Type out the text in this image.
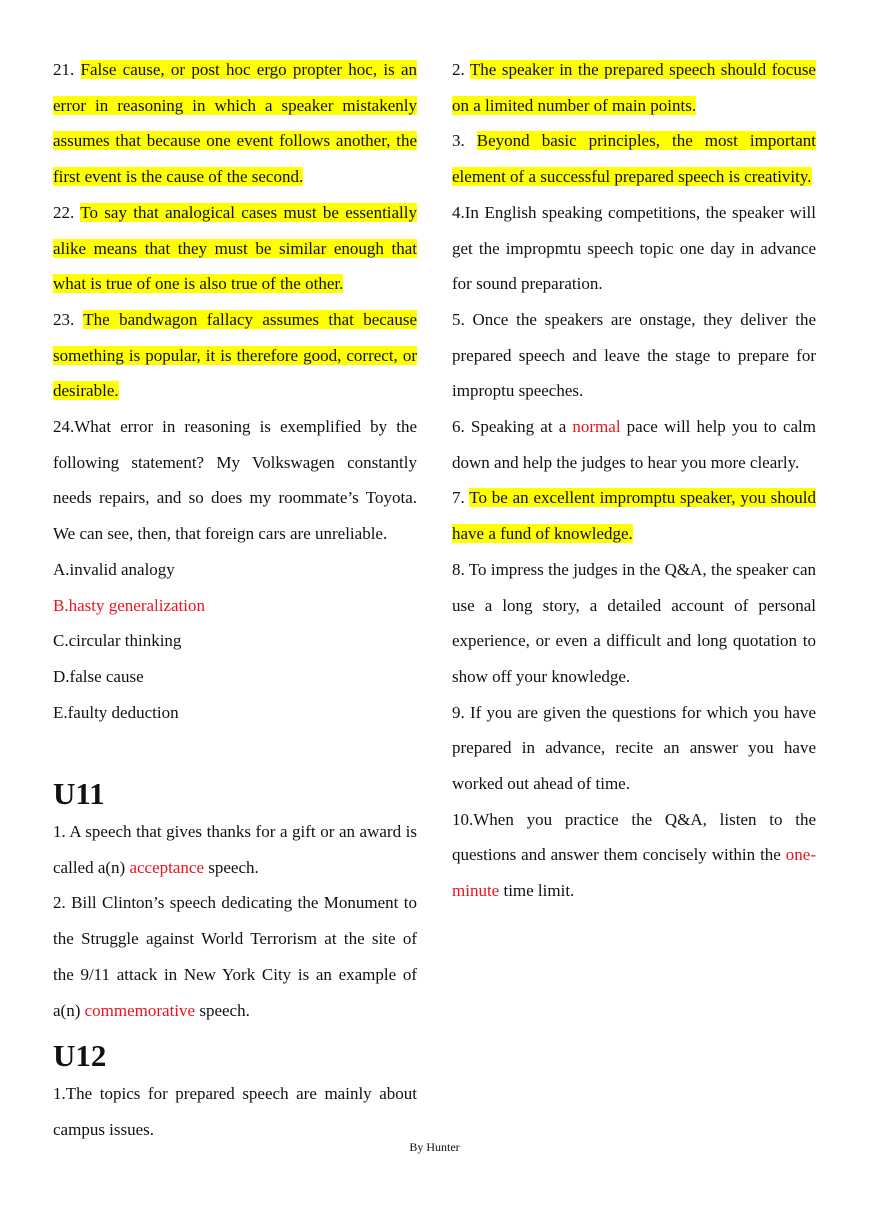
21. False cause, or post hoc ergo propter hoc, is an error in reasoning in which a speaker mistakenly assumes that because one event follows another, the first event is the cause of the second.

22. To say that analogical cases must be essentially alike means that they must be similar enough that what is true of one is also true of the other.

23. The bandwagon fallacy assumes that because something is popular, it is therefore good, correct, or desirable.

24.What error in reasoning is exemplified by the following statement? My Volkswagen constantly needs repairs, and so does my roommate’s Toyota. We can see, then, that foreign cars are unreliable.

A.invalid analogy

B.hasty generalization

C.circular thinking

D.false cause

E.faulty deduction

U11

1. A speech that gives thanks for a gift or an award is called a(n) acceptance speech.

2. Bill Clinton’s speech dedicating the Monument to the Struggle against World Terrorism at the site of the 9/11 attack in New York City is an example of a(n) commemorative speech.

U12

1.The topics for prepared speech are mainly about campus issues.

2. The speaker in the prepared speech should focuse on a limited number of main points.

3. Beyond basic principles, the most important element of a successful prepared speech is creativity.

4.In English speaking competitions, the speaker will get the impropmtu speech topic one day in advance for sound preparation.

5. Once the speakers are onstage, they deliver the prepared speech and leave the stage to prepare for improptu speeches.

6. Speaking at a normal pace will help you to calm down and help the judges to hear you more clearly.

7. To be an excellent impromptu speaker, you should have a fund of knowledge.

8. To impress the judges in the Q&A, the speaker can use a long story, a detailed account of personal experience, or even a difficult and long quotation to show off your knowledge.

9. If you are given the questions for which you have prepared in advance, recite an answer you have worked out ahead of time.

10.When you practice the Q&A, listen to the questions and answer them concisely within the one-minute time limit.

By Hunter
